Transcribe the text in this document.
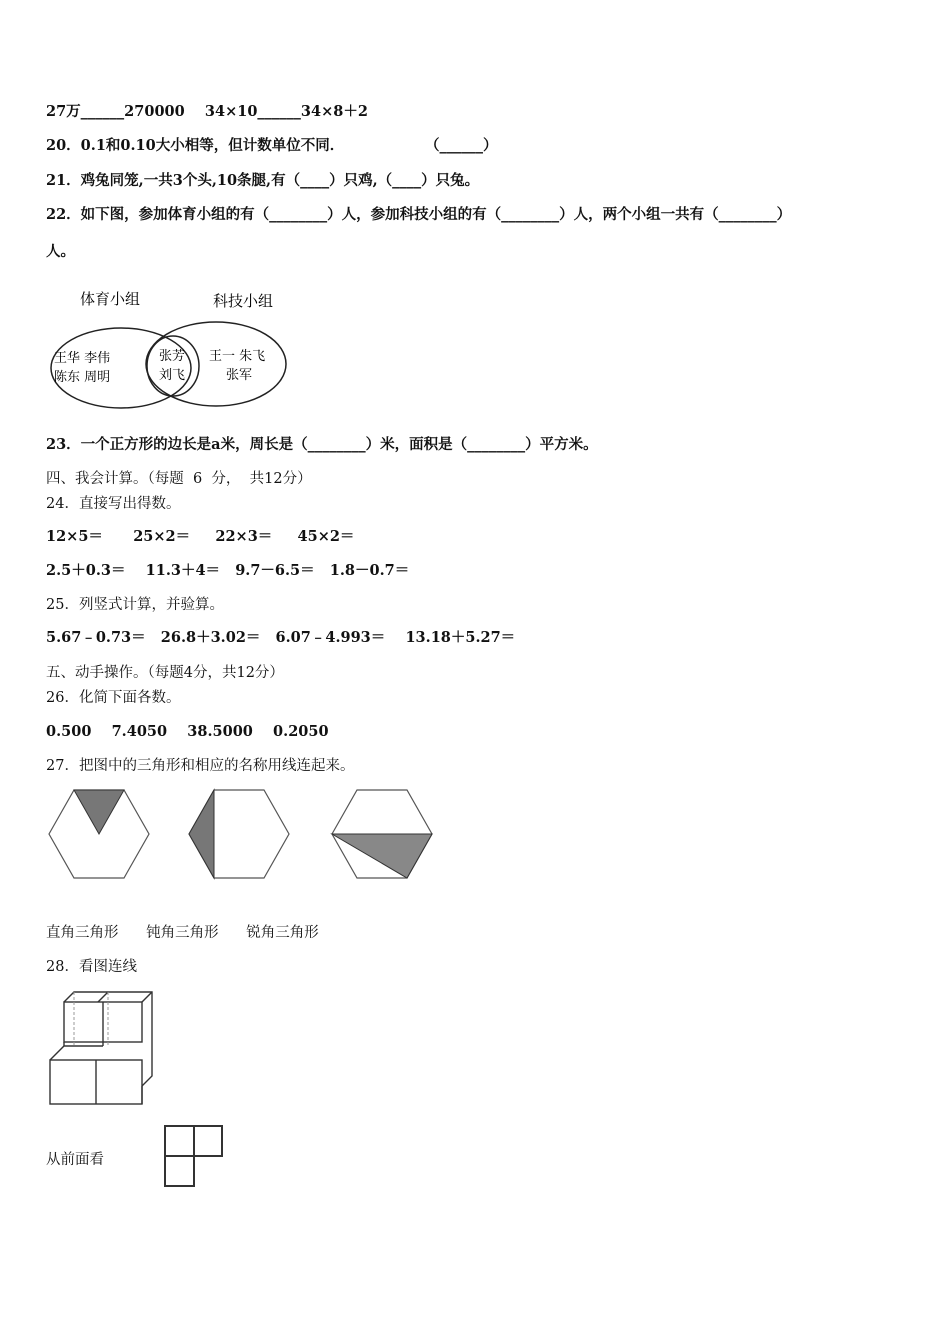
27万______270000    34×10______34×8＋2
20．0.1和0.10大小相等，但计数单位不同．                （______）
21．鸡兔同笼,一共3个头,10条腿,有（____）只鸡,（____）只兔。
22．如下图，参加体育小组的有（________）人，参加科技小组的有（________）人，两个小组一共有（________）
人。
体育小组	科技小组
王华 李伟
陈东 周明
张芳
刘飞
王一 朱飞
张军
23．一个正方形的边长是a米，周长是（________）米，面积是（________）平方米。
四、我会计算。（每题  6  分，  共12分）
24．直接写出得数。
12×5＝      25×2＝     22×3＝     45×2＝
2.5＋0.3＝    11.3＋4＝   9.7－6.5＝   1.8－0.7＝
25．列竖式计算，并验算。
5.67﹣0.73＝   26.8＋3.02＝   6.07﹣4.993＝    13.18＋5.27＝
五、动手操作。（每题4分，共12分）
26．化简下面各数。
0.500    7.4050    38.5000    0.2050
27．把图中的三角形和相应的名称用线连起来。
直角三角形      钝角三角形      锐角三角形
28．看图连线
从前面看
